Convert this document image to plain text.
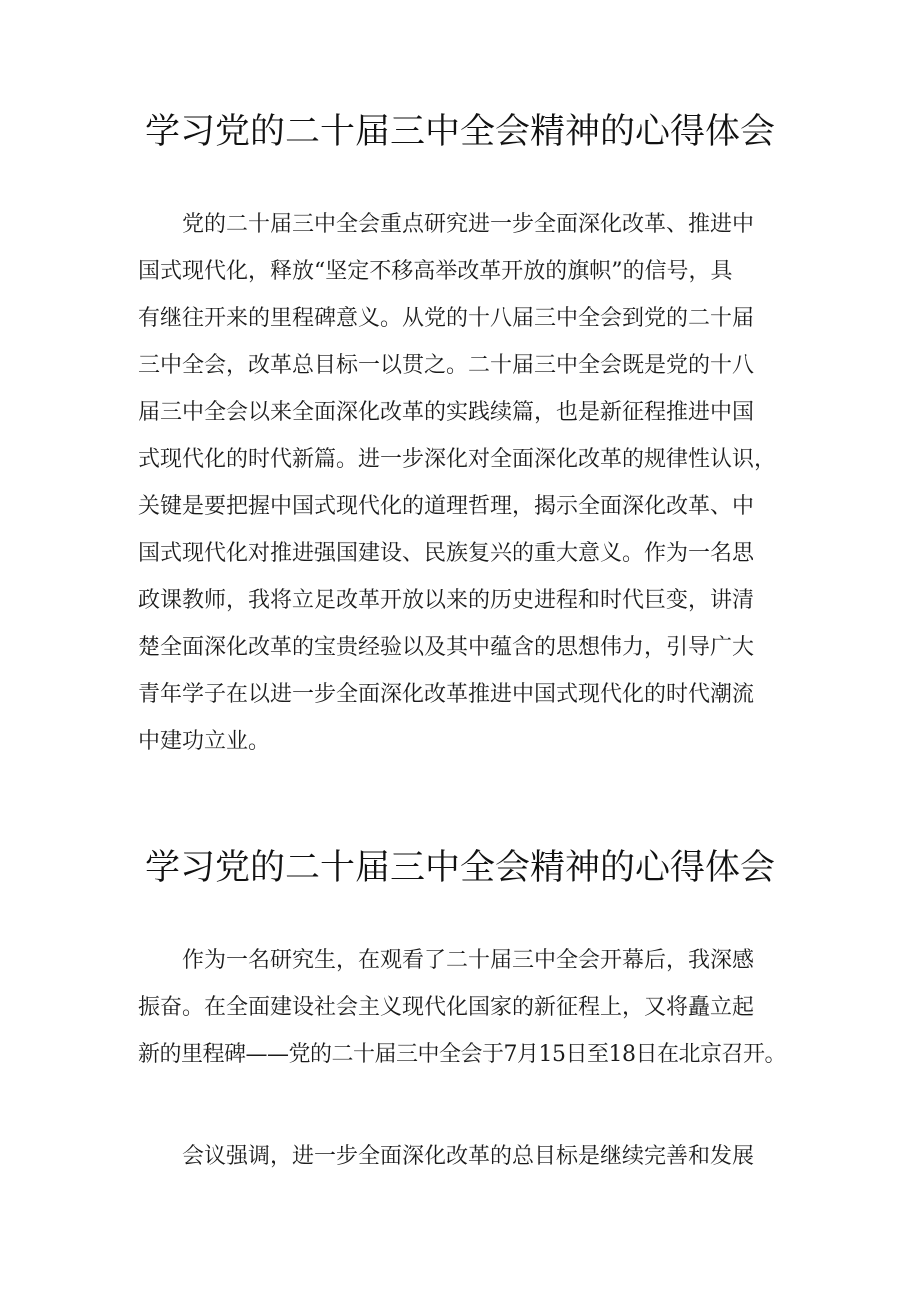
学习党的二十届三中全会精神的心得体会
党的二十届三中全会重点研究进一步全面深化改革、推进中
国式现代化，释放“坚定不移高举改革开放的旗帜”的信号，具
有继往开来的里程碑意义。从党的十八届三中全会到党的二十届
三中全会，改革总目标一以贯之。二十届三中全会既是党的十八
届三中全会以来全面深化改革的实践续篇，也是新征程推进中国
式现代化的时代新篇。进一步深化对全面深化改革的规律性认识，
关键是要把握中国式现代化的道理哲理，揭示全面深化改革、中
国式现代化对推进强国建设、民族复兴的重大意义。作为一名思
政课教师，我将立足改革开放以来的历史进程和时代巨变，讲清
楚全面深化改革的宝贵经验以及其中蕴含的思想伟力，引导广大
青年学子在以进一步全面深化改革推进中国式现代化的时代潮流
中建功立业。
学习党的二十届三中全会精神的心得体会
作为一名研究生，在观看了二十届三中全会开幕后，我深感
振奋。在全面建设社会主义现代化国家的新征程上，又将矗立起
新的里程碑——党的二十届三中全会于7月15日至18日在北京召开。
会议强调，进一步全面深化改革的总目标是继续完善和发展
